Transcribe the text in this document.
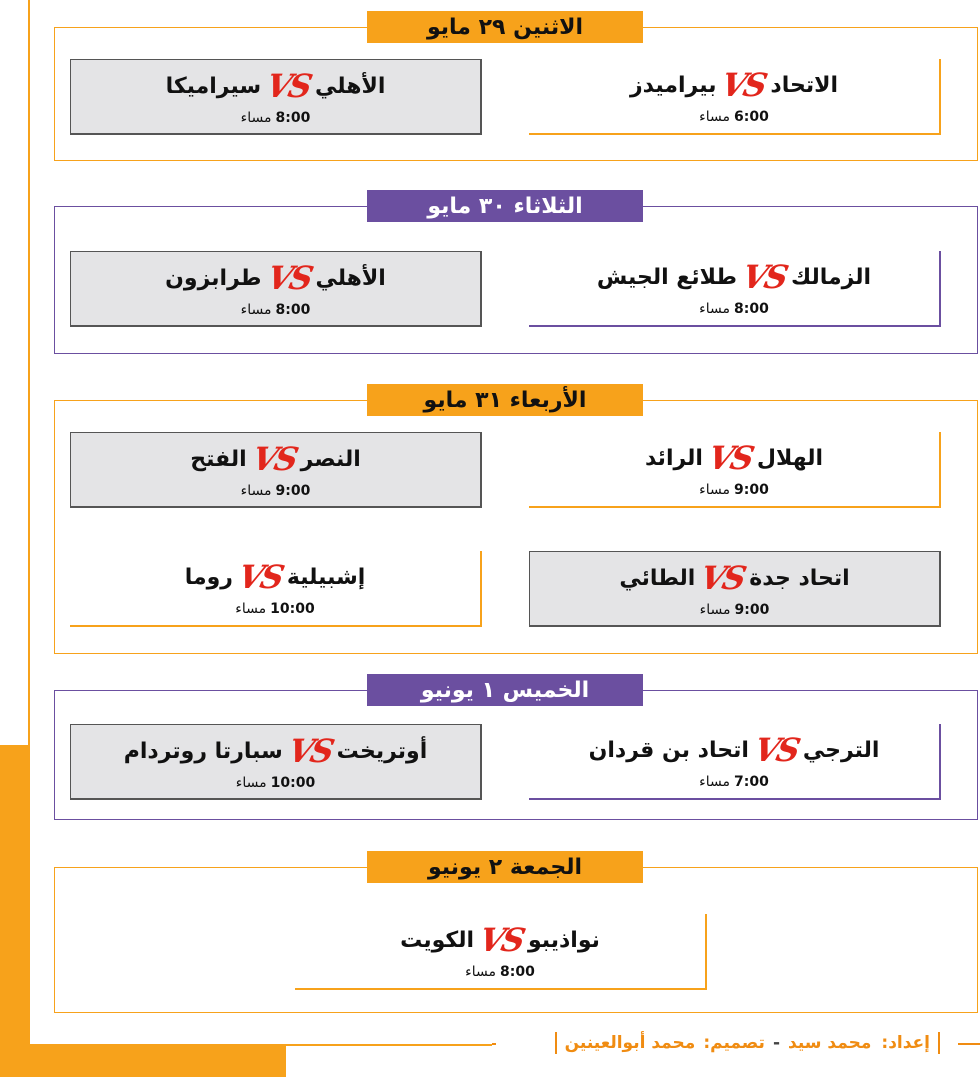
الاثنين ٢٩ مايو
الاتحاد
VS
بيراميدز
6:00مساء
الأهلي
VS
سيراميكا
8:00مساء
الثلاثاء ٣٠ مايو
الزمالك
VS
طلائع الجيش
8:00مساء
الأهلي
VS
طرابزون
8:00مساء
الأربعاء ٣١ مايو
الهلال
VS
الرائد
9:00مساء
النصر
VS
الفتح
9:00مساء
اتحاد جدة
VS
الطائي
9:00مساء
إشبيلية
VS
روما
10:00مساء
الخميس ١ يونيو
الترجي
VS
اتحاد بن قردان
7:00مساء
أوتريخت
VS
سبارتا روتردام
10:00مساء
الجمعة ٢ يونيو
نواذيبو
VS
الكويت
8:00مساء
إعداد:
محمد سيد
-
تصميم:
محمد أبوالعينين
